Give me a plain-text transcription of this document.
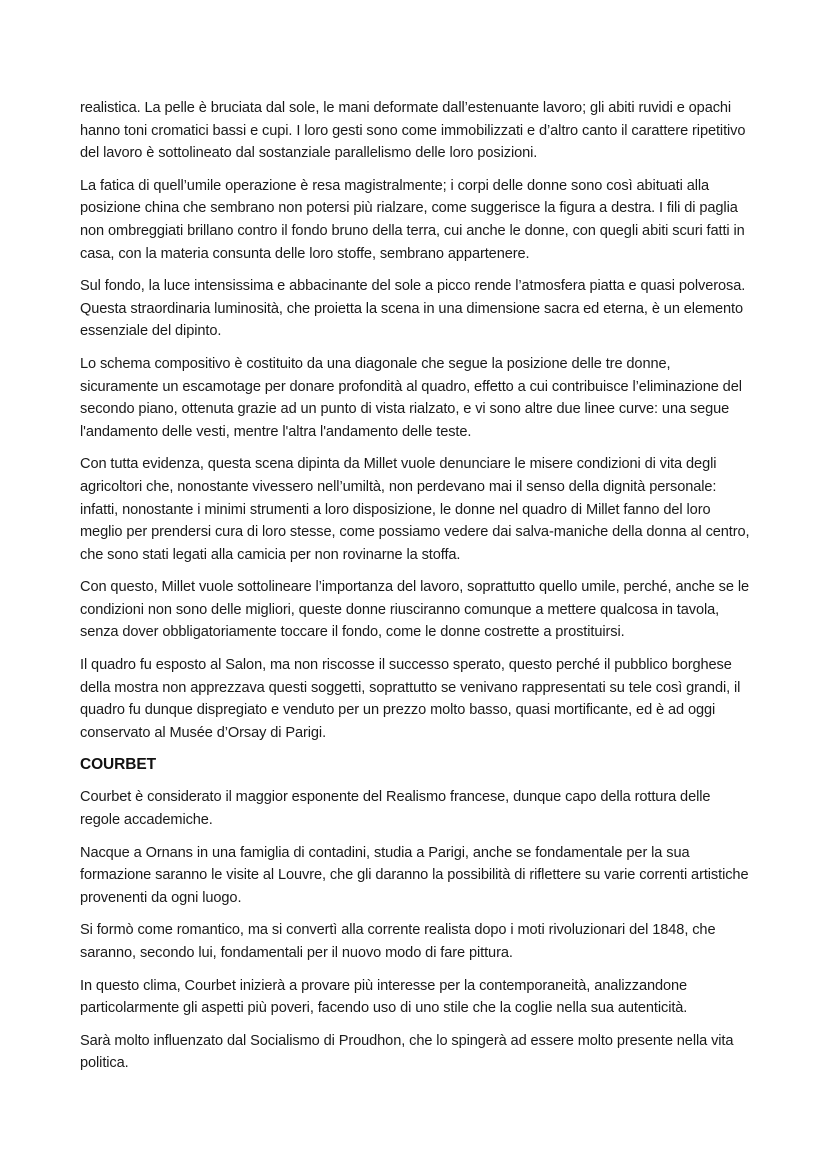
realistica. La pelle è bruciata dal sole, le mani deformate dall’estenuante lavoro; gli abiti ruvidi e opachi hanno toni cromatici bassi e cupi. I loro gesti sono come immobilizzati e d’altro canto il carattere ripetitivo del lavoro è sottolineato dal sostanziale parallelismo delle loro posizioni.

La fatica di quell’umile operazione è resa magistralmente; i corpi delle donne sono così abituati alla posizione china che sembrano non potersi più rialzare, come suggerisce la figura a destra. I fili di paglia non ombreggiati brillano contro il fondo bruno della terra, cui anche le donne, con quegli abiti scuri fatti in casa, con la materia consunta delle loro stoffe, sembrano appartenere.

Sul fondo, la luce intensissima e abbacinante del sole a picco rende l’atmosfera piatta e quasi polverosa. Questa straordinaria luminosità, che proietta la scena in una dimensione sacra ed eterna, è un elemento essenziale del dipinto.

Lo schema compositivo è costituito da una diagonale che segue la posizione delle tre donne, sicuramente un escamotage per donare profondità al quadro, effetto a cui contribuisce l’eliminazione del secondo piano, ottenuta grazie ad un punto di vista rialzato, e vi sono altre due linee curve: una segue l'andamento delle vesti, mentre l'altra l'andamento delle teste.

Con tutta evidenza, questa scena dipinta da Millet vuole denunciare le misere condizioni di vita degli agricoltori che, nonostante vivessero nell’umiltà, non perdevano mai il senso della dignità personale: infatti, nonostante i minimi strumenti a loro disposizione, le donne nel quadro di Millet fanno del loro meglio per prendersi cura di loro stesse, come possiamo vedere dai salva-maniche della donna al centro, che sono stati legati alla camicia per non rovinarne la stoffa.

Con questo, Millet vuole sottolineare l’importanza del lavoro, soprattutto quello umile, perché, anche se le condizioni non sono delle migliori, queste donne riusciranno comunque a mettere qualcosa in tavola, senza dover obbligatoriamente toccare il fondo, come le donne costrette a prostituirsi.

Il quadro fu esposto al Salon, ma non riscosse il successo sperato, questo perché il pubblico borghese della mostra non apprezzava questi soggetti, soprattutto se venivano rappresentati su tele così grandi, il quadro fu dunque dispregiato e venduto per un prezzo molto basso, quasi mortificante, ed è ad oggi conservato al Musée d’Orsay di Parigi.

COURBET

Courbet è considerato il maggior esponente del Realismo francese, dunque capo della rottura delle regole accademiche.

Nacque a Ornans in una famiglia di contadini, studia a Parigi, anche se fondamentale per la sua formazione saranno le visite al Louvre, che gli daranno la possibilità di riflettere su varie correnti artistiche provenenti da ogni luogo.

Si formò come romantico, ma si convertì alla corrente realista dopo i moti rivoluzionari del 1848, che saranno, secondo lui, fondamentali per il nuovo modo di fare pittura.

In questo clima, Courbet inizierà a provare più interesse per la contemporaneità, analizzandone particolarmente gli aspetti più poveri, facendo uso di uno stile che la coglie nella sua autenticità.

Sarà molto influenzato dal Socialismo di Proudhon, che lo spingerà ad essere molto presente nella vita politica.
